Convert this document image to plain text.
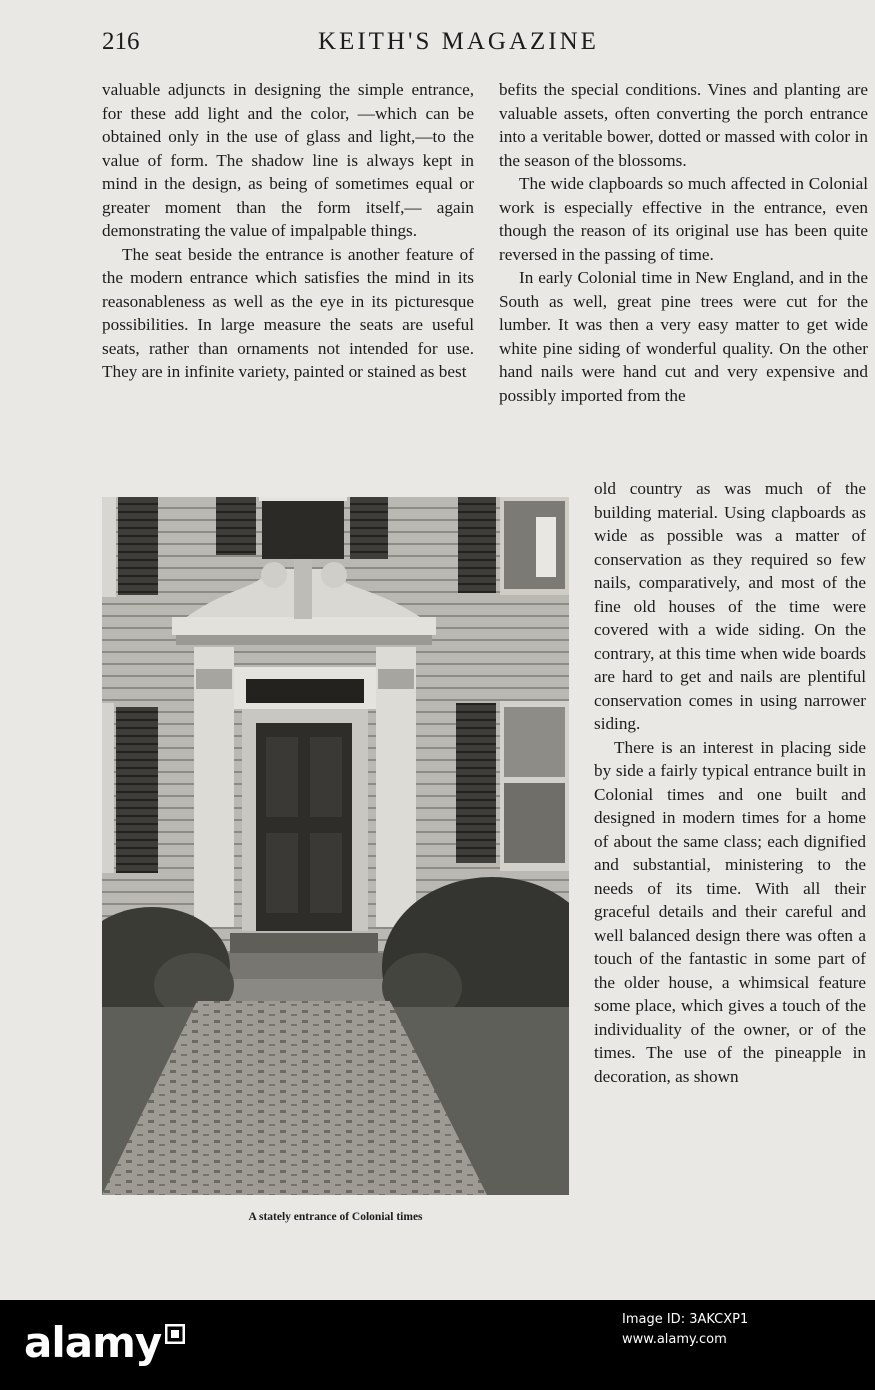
216	KEITH'S MAGAZINE

valuable adjuncts in designing the simple entrance, for these add light and the color, —which can be obtained only in the use of glass and light,—to the value of form. The shadow line is always kept in mind in the design, as being of sometimes equal or greater moment than the form itself,— again demonstrating the value of impalpable things.

The seat beside the entrance is another feature of the modern entrance which satisfies the mind in its reasonableness as well as the eye in its picturesque possibilities. In large measure the seats are useful seats, rather than ornaments not intended for use. They are in infinite variety, painted or stained as best

befits the special conditions. Vines and planting are valuable assets, often converting the porch entrance into a veritable bower, dotted or massed with color in the season of the blossoms.

The wide clapboards so much affected in Colonial work is especially effective in the entrance, even though the reason of its original use has been quite reversed in the passing of time.

In early Colonial time in New England, and in the South as well, great pine trees were cut for the lumber. It was then a very easy matter to get wide white pine siding of wonderful quality. On the other hand nails were hand cut and very expensive and possibly imported from the

old country as was much of the building material. Using clapboards as wide as possible was a matter of conservation as they required so few nails, comparatively, and most of the fine old houses of the time were covered with a wide siding. On the contrary, at this time when wide boards are hard to get and nails are plentiful conservation comes in using narrower siding.

There is an interest in placing side by side a fairly typical entrance built in Colonial times and one built and designed in modern times for a home of about the same class; each dignified and substantial, ministering to the needs of its time. With all their graceful details and their careful and well balanced design there was often a touch of the fantastic in some part of the older house, a whimsical feature some place, which gives a touch of the individuality of the owner, or of the times. The use of the pineapple in decoration, as shown

A stately entrance of Colonial times
alamy	Image ID: 3AKCXP1
www.alamy.com
